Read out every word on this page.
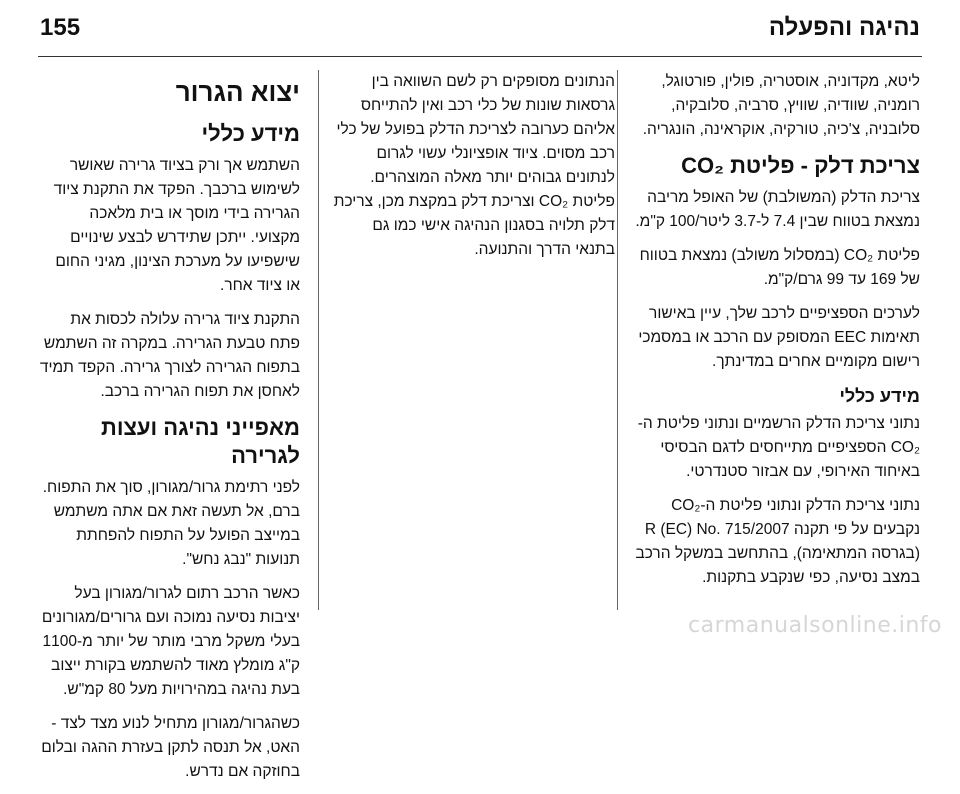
155	נהיגה והפעלה

ליטא, מקדוניה, אוסטריה, פולין, פורטוגל, רומניה, שוודיה, שוויץ, סרביה, סלובקיה, סלובניה, צ'כיה, טורקיה, אוקראינה, הונגריה.

צריכת דלק - פליטת CO₂

צריכת הדלק (המשולבת) של האופל מריבה נמצאת בטווח שבין 7.4 ל-3.7 ליטר/100 ק"מ.

פליטת CO₂ (במסלול משולב) נמצאת בטווח של 169 עד 99 גרם/ק"מ.

לערכים הספציפיים לרכב שלך, עיין באישור תאימות EEC המסופק עם הרכב או במסמכי רישום מקומיים אחרים במדינתך.

מידע כללי

נתוני צריכת הדלק הרשמיים ונתוני פליטת ה-CO₂ הספציפיים מתייחסים לדגם הבסיסי באיחוד האירופי, עם אבזור סטנדרטי.

נתוני צריכת הדלק ונתוני פליטת ה-CO₂ נקבעים על פי תקנה R (EC) No. 715/2007 (בגרסה המתאימה), בהתחשב במשקל הרכב במצב נסיעה, כפי שנקבע בתקנות.

הנתונים מסופקים רק לשם השוואה בין גרסאות שונות של כלי רכב ואין להתייחס אליהם כערובה לצריכת הדלק בפועל של כלי רכב מסוים. ציוד אופציונלי עשוי לגרום לנתונים גבוהים יותר מאלה המוצהרים. פליטת CO₂ וצריכת דלק במקצת מכן, צריכת דלק תלויה בסגנון הנהיגה אישי כמו גם בתנאי הדרך והתנועה.

יצוא הגרור
מידע כללי

השתמש אך ורק בציוד גרירה שאושר לשימוש ברכבך. הפקד את התקנת ציוד הגרירה בידי מוסך או בית מלאכה מקצועי. ייתכן שתידרש לבצע שינויים שישפיעו על מערכת הצינון, מגיני החום או ציוד אחר.

התקנת ציוד גרירה עלולה לכסות את פתח טבעת הגרירה. במקרה זה השתמש בתפוח הגרירה לצורך גרירה. הקפד תמיד לאחסן את תפוח הגרירה ברכב.

מאפייני נהיגה ועצות לגרירה

לפני רתימת גרור/מגורון, סוך את התפוח. ברם, אל תעשה זאת אם אתה משתמש במייצב הפועל על התפוח להפחתת תנועות "נבג נחש".

כאשר הרכב רתום לגרור/מגורון בעל יציבות נסיעה נמוכה ועם גרורים/מגורונים בעלי משקל מרבי מותר של יותר מ-1100 ק"ג מומלץ מאוד להשתמש בקורת ייצוב בעת נהיגה במהירויות מעל 80 קמ"ש.

כשהגרור/מגורון מתחיל לנוע מצד לצד - האט, אל תנסה לתקן בעזרת ההגה ובלום בחוזקה אם נדרש.

carmanualsonline.info
